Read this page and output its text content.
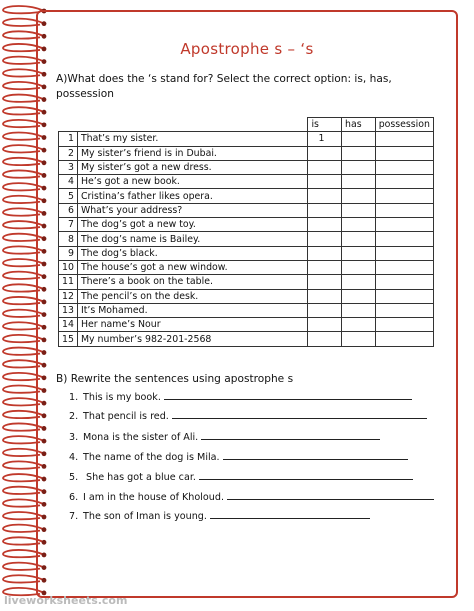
Apostrophe s – ‘s
A)What does the ‘s stand for? Select the correct option: is, has, possession
		is	has	possession
1	That’s my sister.	1		
2	My sister’s friend is in Dubai.			
3	My sister’s got a new dress.			
4	He’s got a new book.			
5	Cristina’s father likes opera.			
6	What’s your address?			
7	The dog’s got a new toy.			
8	The dog’s name is Bailey.			
9	The dog’s black.			
10	The house’s got a new window.			
11	There’s a book on the table.			
12	The pencil’s on the desk.			
13	It’s Mohamed.			
14	Her name’s Nour			
15	My number’s 982-201-2568			
B) Rewrite the sentences using apostrophe s
1. This is my book.
2. That pencil is red.
3. Mona is the sister of Ali.
4. The name of the dog is Mila.
5. She has got a blue car.
6. I am in the house of Kholoud.
7. The son of Iman is young.
liveworksheets.com
